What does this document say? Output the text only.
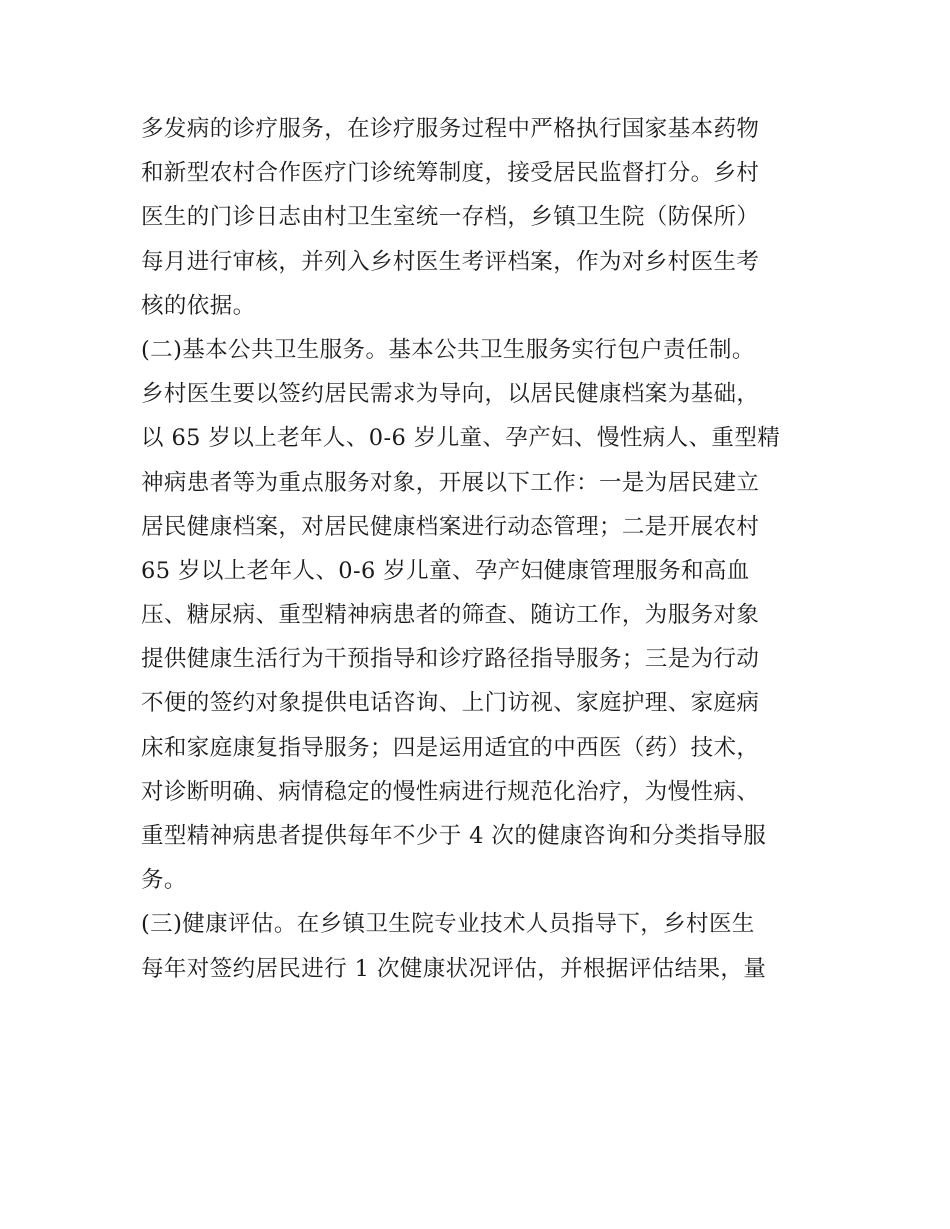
多发病的诊疗服务，在诊疗服务过程中严格执行国家基本药物
和新型农村合作医疗门诊统筹制度，接受居民监督打分。乡村
医生的门诊日志由村卫生室统一存档，乡镇卫生院（防保所）
每月进行审核，并列入乡村医生考评档案，作为对乡村医生考
核的依据。
(二)基本公共卫生服务。基本公共卫生服务实行包户责任制。
乡村医生要以签约居民需求为导向，以居民健康档案为基础，
以 65 岁以上老年人、0-6 岁儿童、孕产妇、慢性病人、重型精
神病患者等为重点服务对象，开展以下工作：一是为居民建立
居民健康档案，对居民健康档案进行动态管理；二是开展农村
65 岁以上老年人、0-6 岁儿童、孕产妇健康管理服务和高血
压、糖尿病、重型精神病患者的筛查、随访工作，为服务对象
提供健康生活行为干预指导和诊疗路径指导服务；三是为行动
不便的签约对象提供电话咨询、上门访视、家庭护理、家庭病
床和家庭康复指导服务；四是运用适宜的中西医（药）技术，
对诊断明确、病情稳定的慢性病进行规范化治疗，为慢性病、
重型精神病患者提供每年不少于 4 次的健康咨询和分类指导服
务。
(三)健康评估。在乡镇卫生院专业技术人员指导下，乡村医生
每年对签约居民进行 1 次健康状况评估，并根据评估结果，量
